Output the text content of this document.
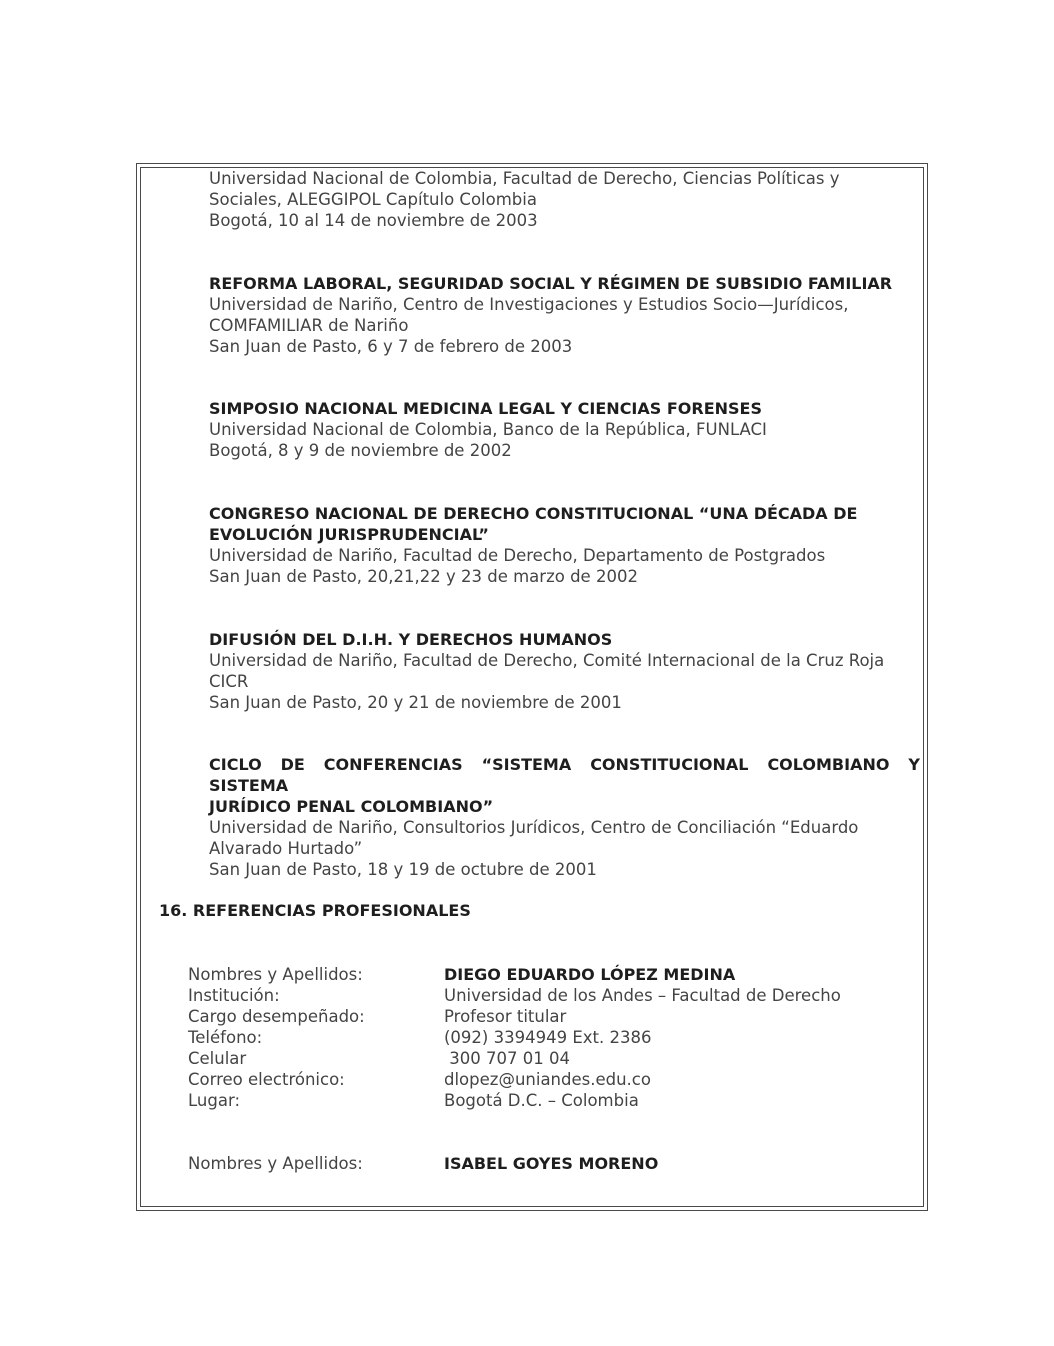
Universidad Nacional de Colombia, Facultad de Derecho, Ciencias Políticas y
Sociales, ALEGGIPOL Capítulo Colombia
Bogotá, 10 al 14 de noviembre de 2003
REFORMA LABORAL, SEGURIDAD SOCIAL Y RÉGIMEN DE SUBSIDIO FAMILIAR
Universidad de Nariño, Centro de Investigaciones y Estudios Socio—Jurídicos,
COMFAMILIAR de Nariño
San Juan de Pasto, 6 y 7 de febrero de 2003
SIMPOSIO NACIONAL MEDICINA LEGAL Y CIENCIAS FORENSES
Universidad Nacional de Colombia, Banco de la República, FUNLACI
Bogotá, 8 y 9 de noviembre de 2002
CONGRESO NACIONAL DE DERECHO CONSTITUCIONAL “UNA DÉCADA DE
EVOLUCIÓN JURISPRUDENCIAL”
Universidad de Nariño, Facultad de Derecho, Departamento de Postgrados
San Juan de Pasto, 20,21,22 y 23 de marzo de 2002
DIFUSIÓN DEL D.I.H. Y DERECHOS HUMANOS
Universidad de Nariño, Facultad de Derecho, Comité Internacional de la Cruz Roja
CICR
San Juan de Pasto, 20 y 21 de noviembre de 2001
CICLO DE CONFERENCIAS “SISTEMA CONSTITUCIONAL COLOMBIANO Y SISTEMA
JURÍDICO PENAL COLOMBIANO”
Universidad de Nariño, Consultorios Jurídicos, Centro de Conciliación “Eduardo
Alvarado Hurtado”
San Juan de Pasto, 18 y 19 de octubre de 2001
16. REFERENCIAS PROFESIONALES
Nombres y Apellidos:	DIEGO EDUARDO LÓPEZ MEDINA
Institución:	Universidad de los Andes – Facultad de Derecho
Cargo desempeñado:	Profesor titular
Teléfono:	(092) 3394949 Ext. 2386
Celular	300 707 01 04
Correo electrónico:	dlopez@uniandes.edu.co
Lugar:	Bogotá D.C. – Colombia
Nombres y Apellidos:	ISABEL GOYES MORENO
